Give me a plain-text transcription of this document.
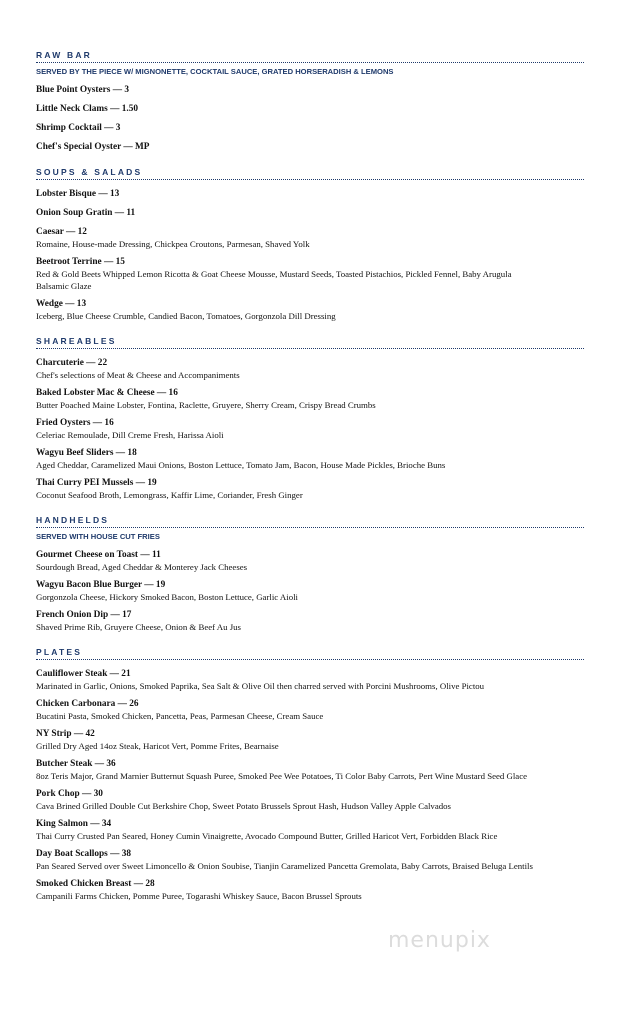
RAW BAR
SERVED BY THE PIECE W/ MIGNONETTE, COCKTAIL SAUCE, GRATED HORSERADISH & LEMONS
Blue Point Oysters — 3
Little Neck Clams — 1.50
Shrimp Cocktail — 3
Chef's Special Oyster — MP
SOUPS & SALADS
Lobster Bisque — 13
Onion Soup Gratin — 11
Caesar — 12
Romaine, House-made Dressing, Chickpea Croutons, Parmesan, Shaved Yolk
Beetroot Terrine — 15
Red & Gold Beets Whipped Lemon Ricotta & Goat Cheese Mousse, Mustard Seeds, Toasted Pistachios, Pickled Fennel, Baby Arugula Balsamic Glaze
Wedge — 13
Iceberg, Blue Cheese Crumble, Candied Bacon, Tomatoes, Gorgonzola Dill Dressing
SHAREABLES
Charcuterie — 22
Chef's selections of Meat & Cheese and Accompaniments
Baked Lobster Mac & Cheese — 16
Butter Poached Maine Lobster, Fontina, Raclette, Gruyere, Sherry Cream, Crispy Bread Crumbs
Fried Oysters — 16
Celeriac Remoulade, Dill Creme Fresh, Harissa Aioli
Wagyu Beef Sliders — 18
Aged Cheddar, Caramelized Maui Onions, Boston Lettuce, Tomato Jam, Bacon, House Made Pickles, Brioche Buns
Thai Curry PEI Mussels — 19
Coconut Seafood Broth, Lemongrass, Kaffir Lime, Coriander, Fresh Ginger
HANDHELDS
SERVED WITH HOUSE CUT FRIES
Gourmet Cheese on Toast — 11
Sourdough Bread, Aged Cheddar & Monterey Jack Cheeses
Wagyu Bacon Blue Burger — 19
Gorgonzola Cheese, Hickory Smoked Bacon, Boston Lettuce, Garlic Aioli
French Onion Dip — 17
Shaved Prime Rib, Gruyere Cheese, Onion & Beef Au Jus
PLATES
Cauliflower Steak — 21
Marinated in Garlic, Onions, Smoked Paprika, Sea Salt & Olive Oil then charred served with Porcini Mushrooms, Olive Pictou
Chicken Carbonara — 26
Bucatini Pasta, Smoked Chicken, Pancetta, Peas, Parmesan Cheese, Cream Sauce
NY Strip — 42
Grilled Dry Aged 14oz Steak, Haricot Vert, Pomme Frites, Bearnaise
Butcher Steak — 36
8oz Teris Major, Grand Marnier Butternut Squash Puree, Smoked Pee Wee Potatoes, Ti Color Baby Carrots, Pert Wine Mustard Seed Glace
Pork Chop — 30
Cava Brined Grilled Double Cut Berkshire Chop, Sweet Potato Brussels Sprout Hash, Hudson Valley Apple Calvados
King Salmon — 34
Thai Curry Crusted Pan Seared, Honey Cumin Vinaigrette, Avocado Compound Butter, Grilled Haricot Vert, Forbidden Black Rice
Day Boat Scallops — 38
Pan Seared Served over Sweet Limoncello & Onion Soubise, Tianjin Caramelized Pancetta Gremolata, Baby Carrots, Braised Beluga Lentils
Smoked Chicken Breast — 28
Campanili Farms Chicken, Pomme Puree, Togarashi Whiskey Sauce, Bacon Brussel Sprouts
menupix
